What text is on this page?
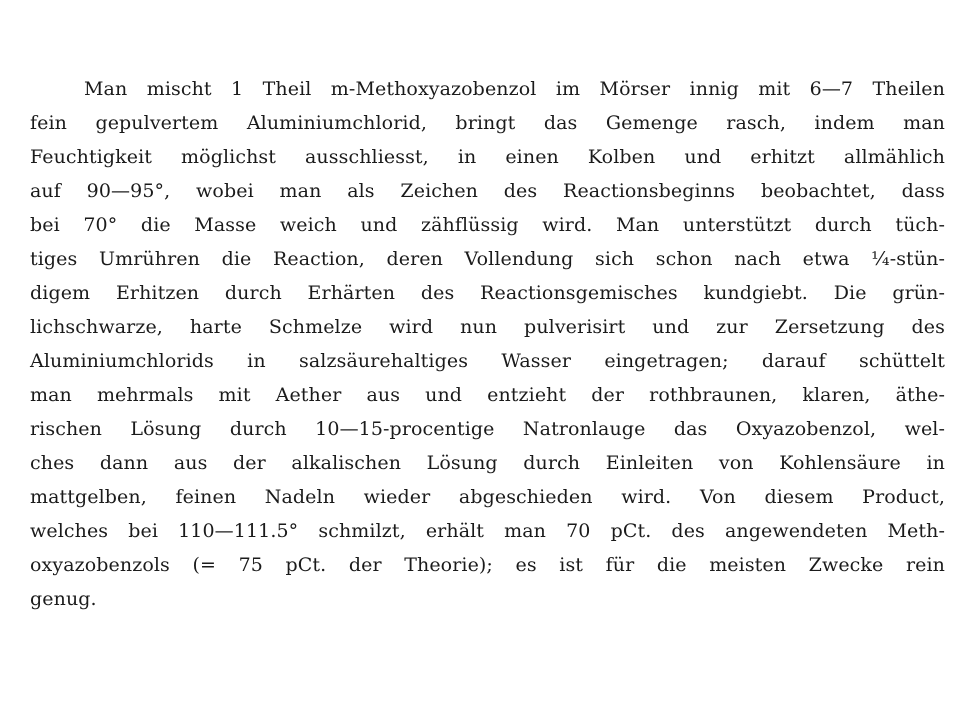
Man mischt 1 Theil m-Methoxyazobenzol im Mörser innig mit 6—7 Theilen
fein gepulvertem Aluminiumchlorid, bringt das Gemenge rasch, indem man
Feuchtigkeit möglichst ausschliesst, in einen Kolben und erhitzt allmählich
auf 90—95°, wobei man als Zeichen des Reactionsbeginns beobachtet, dass
bei 70° die Masse weich und zähflüssig wird. Man unterstützt durch tüch-
tiges Umrühren die Reaction, deren Vollendung sich schon nach etwa ¼-stün-
digem Erhitzen durch Erhärten des Reactionsgemisches kundgiebt. Die grün-
lichschwarze, harte Schmelze wird nun pulverisirt und zur Zersetzung des
Aluminiumchlorids in salzsäurehaltiges Wasser eingetragen; darauf schüttelt
man mehrmals mit Aether aus und entzieht der rothbraunen, klaren, äthe-
rischen Lösung durch 10—15-procentige Natronlauge das Oxyazobenzol, wel-
ches dann aus der alkalischen Lösung durch Einleiten von Kohlensäure in
mattgelben, feinen Nadeln wieder abgeschieden wird. Von diesem Product,
welches bei 110—111.5° schmilzt, erhält man 70 pCt. des angewendeten Meth-
oxyazobenzols (= 75 pCt. der Theorie); es ist für die meisten Zwecke rein
genug.
